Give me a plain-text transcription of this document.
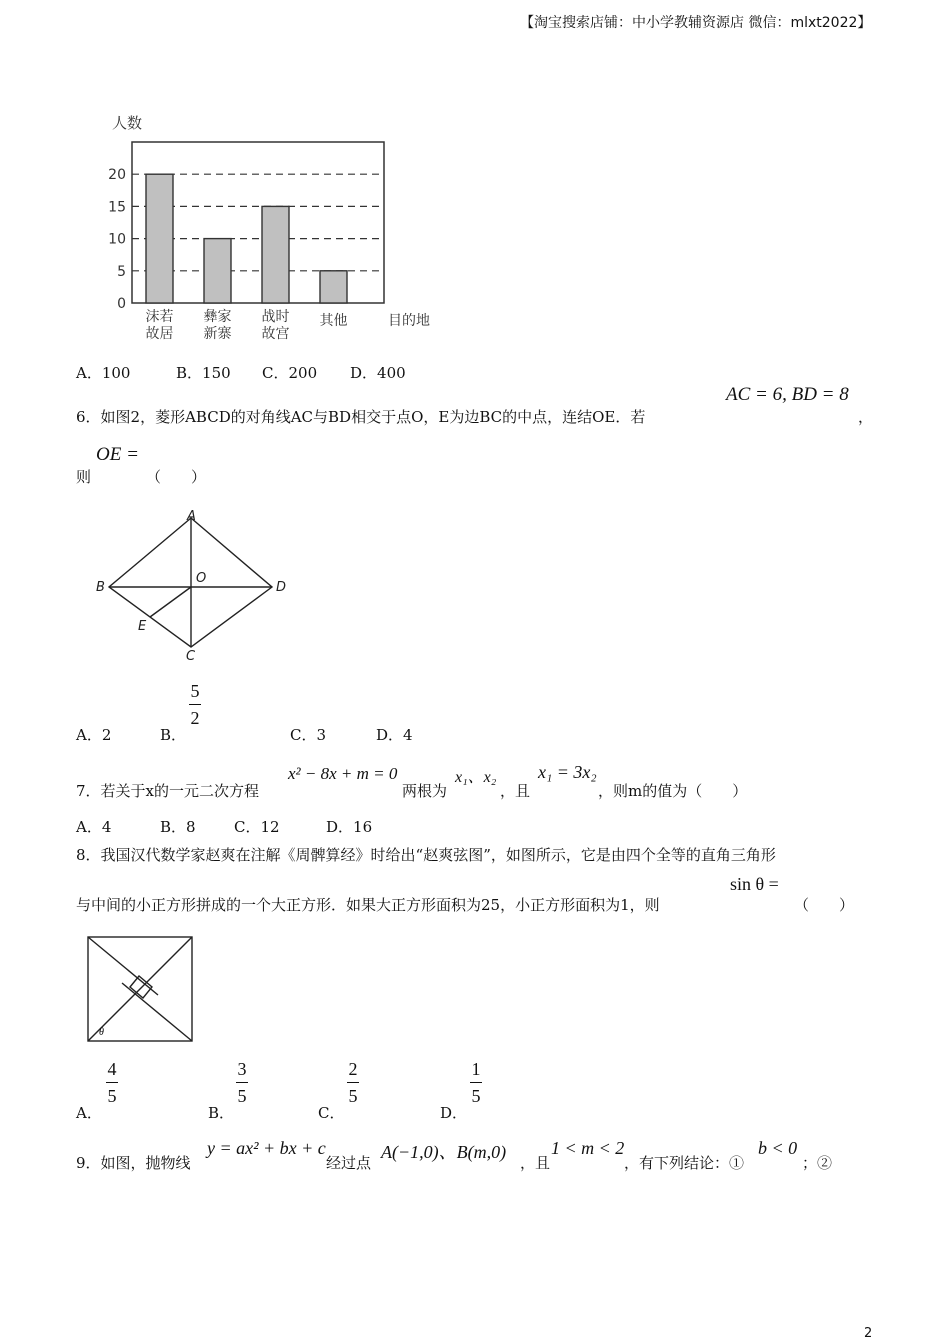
【淘宝搜索店铺：中小学教辅资源店 微信：mlxt2022】
0
5
10
15
20
沫若
故居
彝家
新寨
战时
故宫
其他
人数
目的地
A．100	B．150 C．200 D．400
6．如图2，菱形ABCD的对角线AC与BD相交于点O，E为边BC的中点，连结OE．若
AC = 6, BD = 8
，
则
OE =
（　　）
A
B
C
D
O
E
A．2	B．
5
2
C．3	D．4
7．若关于x的一元二次方程
x² − 8x + m = 0
两根为
x₁、x₂
，且
x₁ = 3x₂
，则m的值为（　　）
A．4	B．8	C．12	D．16
8．我国汉代数学家赵爽在注解《周髀算经》时给出“赵爽弦图”，如图所示，它是由四个全等的直角三角形
与中间的小正方形拼成的一个大正方形．如果大正方形面积为25，小正方形面积为1，则
sin θ =
（　　）
θ
A．
4
5
B．
3
5
C．
2
5
D．
1
5
9．如图，抛物线
y = ax² + bx + c
经过点
A(−1,0)、B(m,0)
，且
1 < m < 2
，有下列结论：①
b < 0
；②
2
